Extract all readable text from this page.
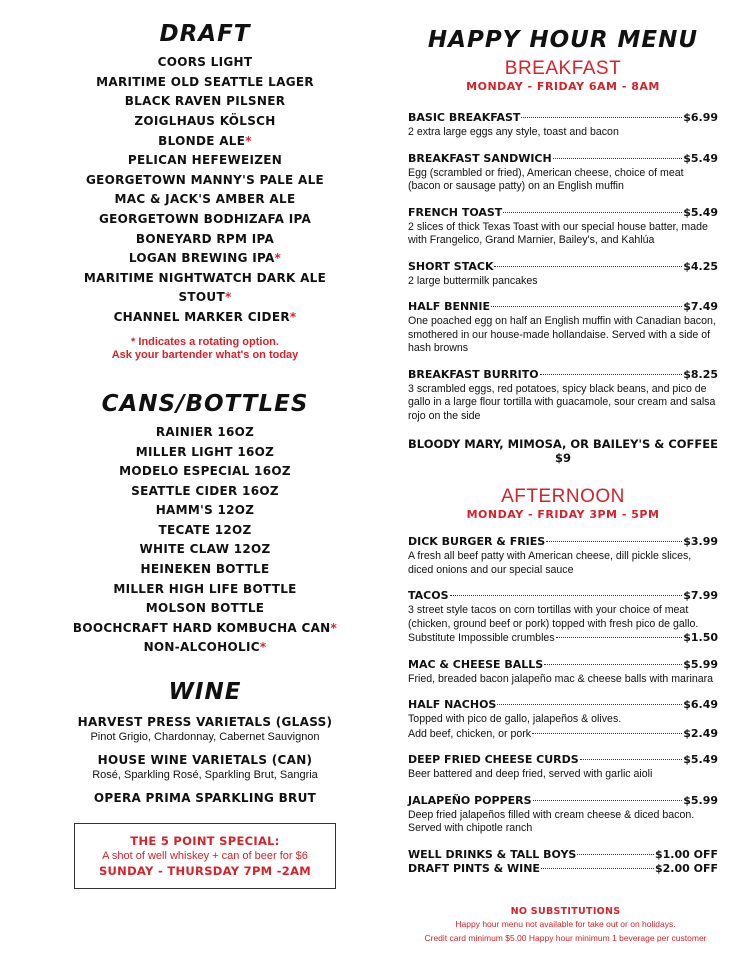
DRAFT
COORS LIGHT
MARITIME OLD SEATTLE LAGER
BLACK RAVEN PILSNER
ZOIGLHAUS KÖLSCH
BLONDE ALE*
PELICAN HEFEWEIZEN
GEORGETOWN MANNY'S PALE ALE
MAC & JACK'S AMBER ALE
GEORGETOWN BODHIZAFA IPA
BONEYARD RPM IPA
LOGAN BREWING IPA*
MARITIME NIGHTWATCH DARK ALE
STOUT*
CHANNEL MARKER CIDER*
* Indicates a rotating option.
Ask your bartender what's on today
CANS/BOTTLES
RAINIER 16OZ
MILLER LIGHT 16OZ
MODELO ESPECIAL 16OZ
SEATTLE CIDER 16OZ
HAMM'S 12OZ
TECATE 12OZ
WHITE CLAW 12OZ
HEINEKEN BOTTLE
MILLER HIGH LIFE BOTTLE
MOLSON BOTTLE
BOOCHCRAFT HARD KOMBUCHA CAN*
NON-ALCOHOLIC*
WINE
HARVEST PRESS VARIETALS (GLASS)
Pinot Grigio, Chardonnay, Cabernet Sauvignon
HOUSE WINE VARIETALS (CAN)
Rosé, Sparkling Rosé, Sparkling Brut, Sangria
OPERA PRIMA SPARKLING BRUT
THE 5 POINT SPECIAL:
A shot of well whiskey + can of beer for $6
SUNDAY - THURSDAY 7PM -2AM
HAPPY HOUR MENU
BREAKFAST
MONDAY - FRIDAY 6AM - 8AM
BASIC BREAKFAST	$6.99
2 extra large eggs any style, toast and bacon
BREAKFAST SANDWICH	$5.49
Egg (scrambled or fried), American cheese, choice of meat (bacon or sausage patty) on an English muffin
FRENCH TOAST	$5.49
2 slices of thick Texas Toast with our special house batter, made with Frangelico, Grand Marnier, Bailey's, and Kahlúa
SHORT STACK	$4.25
2 large buttermilk pancakes
HALF BENNIE	$7.49
One poached egg on half an English muffin with Canadian bacon, smothered in our house-made hollandaise. Served with a side of hash browns
BREAKFAST BURRITO	$8.25
3 scrambled eggs, red potatoes, spicy black beans, and pico de gallo in a large flour tortilla with guacamole, sour cream and salsa rojo on the side
BLOODY MARY, MIMOSA, OR BAILEY'S & COFFEE
$9
AFTERNOON
MONDAY - FRIDAY 3PM - 5PM
DICK BURGER & FRIES	$3.99
A fresh all beef patty with American cheese, dill pickle slices, diced onions and our special sauce
TACOS	$7.99
3 street style tacos on corn tortillas with your choice of meat (chicken, ground beef or pork) topped with fresh pico de gallo.
Substitute Impossible crumbles	$1.50
MAC & CHEESE BALLS	$5.99
Fried, breaded bacon jalapeño mac & cheese balls with marinara
HALF NACHOS	$6.49
Topped with pico de gallo, jalapeños & olives.
Add beef, chicken, or pork	$2.49
DEEP FRIED CHEESE CURDS	$5.49
Beer battered and deep fried, served with garlic aioli
JALAPEÑO POPPERS	$5.99
Deep fried jalapeños filled with cream cheese & diced bacon. Served with chipotle ranch
WELL DRINKS & TALL BOYS	$1.00 OFF
DRAFT PINTS & WINE	$2.00 OFF
NO SUBSTITUTIONS
Happy hour menu not available for take out or on holidays.
Credit card minimum $5.00 Happy hour minimum 1 beverage per customer
